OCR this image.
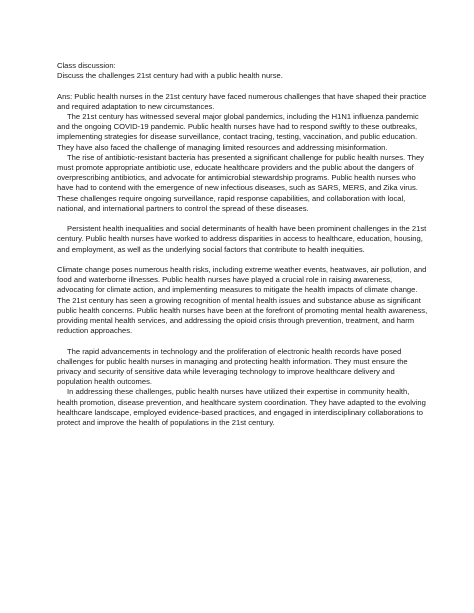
Class discussion:

Discuss the challenges 21st century had with a public health nurse.

Ans: Public health nurses in the 21st century have faced numerous challenges that have shaped their practice and required adaptation to new circumstances.

The 21st century has witnessed several major global pandemics, including the H1N1 influenza pandemic and the ongoing COVID-19 pandemic. Public health nurses have had to respond swiftly to these outbreaks, implementing strategies for disease surveillance, contact tracing, testing, vaccination, and public education. They have also faced the challenge of managing limited resources and addressing misinformation.

The rise of antibiotic-resistant bacteria has presented a significant challenge for public health nurses. They must promote appropriate antibiotic use, educate healthcare providers and the public about the dangers of overprescribing antibiotics, and advocate for antimicrobial stewardship programs. Public health nurses who have had to contend with the emergence of new infectious diseases, such as SARS, MERS, and Zika virus. These challenges require ongoing surveillance, rapid response capabilities, and collaboration with local, national, and international partners to control the spread of these diseases.

Persistent health inequalities and social determinants of health have been prominent challenges in the 21st century. Public health nurses have worked to address disparities in access to healthcare, education, housing, and employment, as well as the underlying social factors that contribute to health inequities.

Climate change poses numerous health risks, including extreme weather events, heatwaves, air pollution, and food and waterborne illnesses. Public health nurses have played a crucial role in raising awareness, advocating for climate action, and implementing measures to mitigate the health impacts of climate change. The 21st century has seen a growing recognition of mental health issues and substance abuse as significant public health concerns. Public health nurses have been at the forefront of promoting mental health awareness, providing mental health services, and addressing the opioid crisis through prevention, treatment, and harm reduction approaches.

The rapid advancements in technology and the proliferation of electronic health records have posed challenges for public health nurses in managing and protecting health information. They must ensure the privacy and security of sensitive data while leveraging technology to improve healthcare delivery and population health outcomes.

In addressing these challenges, public health nurses have utilized their expertise in community health, health promotion, disease prevention, and healthcare system coordination. They have adapted to the evolving healthcare landscape, employed evidence-based practices, and engaged in interdisciplinary collaborations to protect and improve the health of populations in the 21st century.
